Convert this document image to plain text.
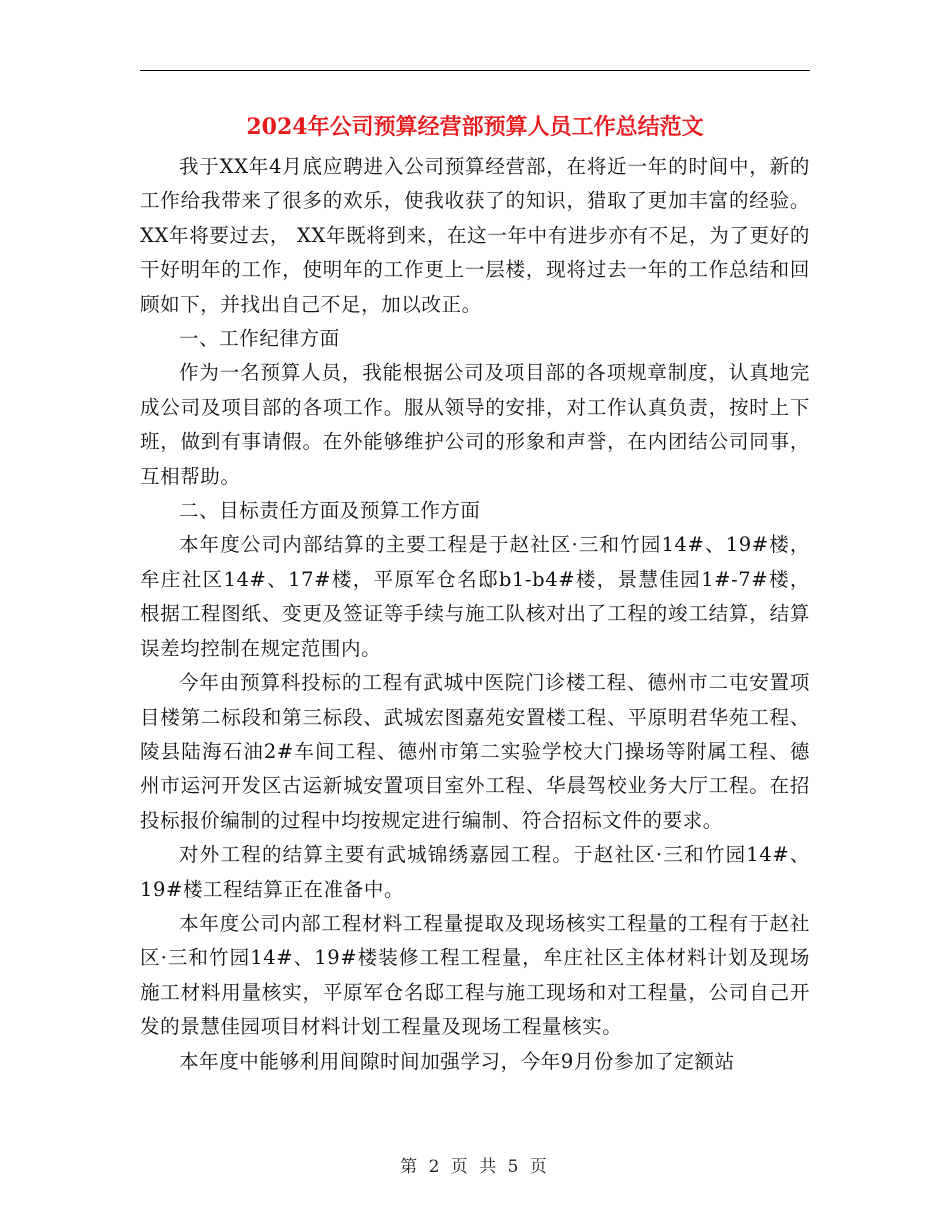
2024年公司预算经营部预算人员工作总结范文

我于XX年4月底应聘进入公司预算经营部，在将近一年的时间中，新的工作给我带来了很多的欢乐，使我收获了的知识，猎取了更加丰富的经验。XX年将要过去， XX年既将到来，在这一年中有进步亦有不足，为了更好的干好明年的工作，使明年的工作更上一层楼，现将过去一年的工作总结和回顾如下，并找出自己不足，加以改正。

一、工作纪律方面

作为一名预算人员，我能根据公司及项目部的各项规章制度，认真地完成公司及项目部的各项工作。服从领导的安排，对工作认真负责，按时上下班，做到有事请假。在外能够维护公司的形象和声誉，在内团结公司同事，互相帮助。

二、目标责任方面及预算工作方面

本年度公司内部结算的主要工程是于赵社区·三和竹园14#、19#楼，牟庄社区14#、17#楼，平原军仓名邸b1-b4#楼，景慧佳园1#-7#楼，根据工程图纸、变更及签证等手续与施工队核对出了工程的竣工结算，结算误差均控制在规定范围内。

今年由预算科投标的工程有武城中医院门诊楼工程、德州市二屯安置项目楼第二标段和第三标段、武城宏图嘉苑安置楼工程、平原明君华苑工程、陵县陆海石油2#车间工程、德州市第二实验学校大门操场等附属工程、德州市运河开发区古运新城安置项目室外工程、华晨驾校业务大厅工程。在招投标报价编制的过程中均按规定进行编制、符合招标文件的要求。

对外工程的结算主要有武城锦绣嘉园工程。于赵社区·三和竹园14#、19#楼工程结算正在准备中。

本年度公司内部工程材料工程量提取及现场核实工程量的工程有于赵社区·三和竹园14#、19#楼装修工程工程量，牟庄社区主体材料计划及现场施工材料用量核实，平原军仓名邸工程与施工现场和对工程量，公司自己开发的景慧佳园项目材料计划工程量及现场工程量核实。

本年度中能够利用间隙时间加强学习，今年9月份参加了定额站

第 2 页 共 5 页
